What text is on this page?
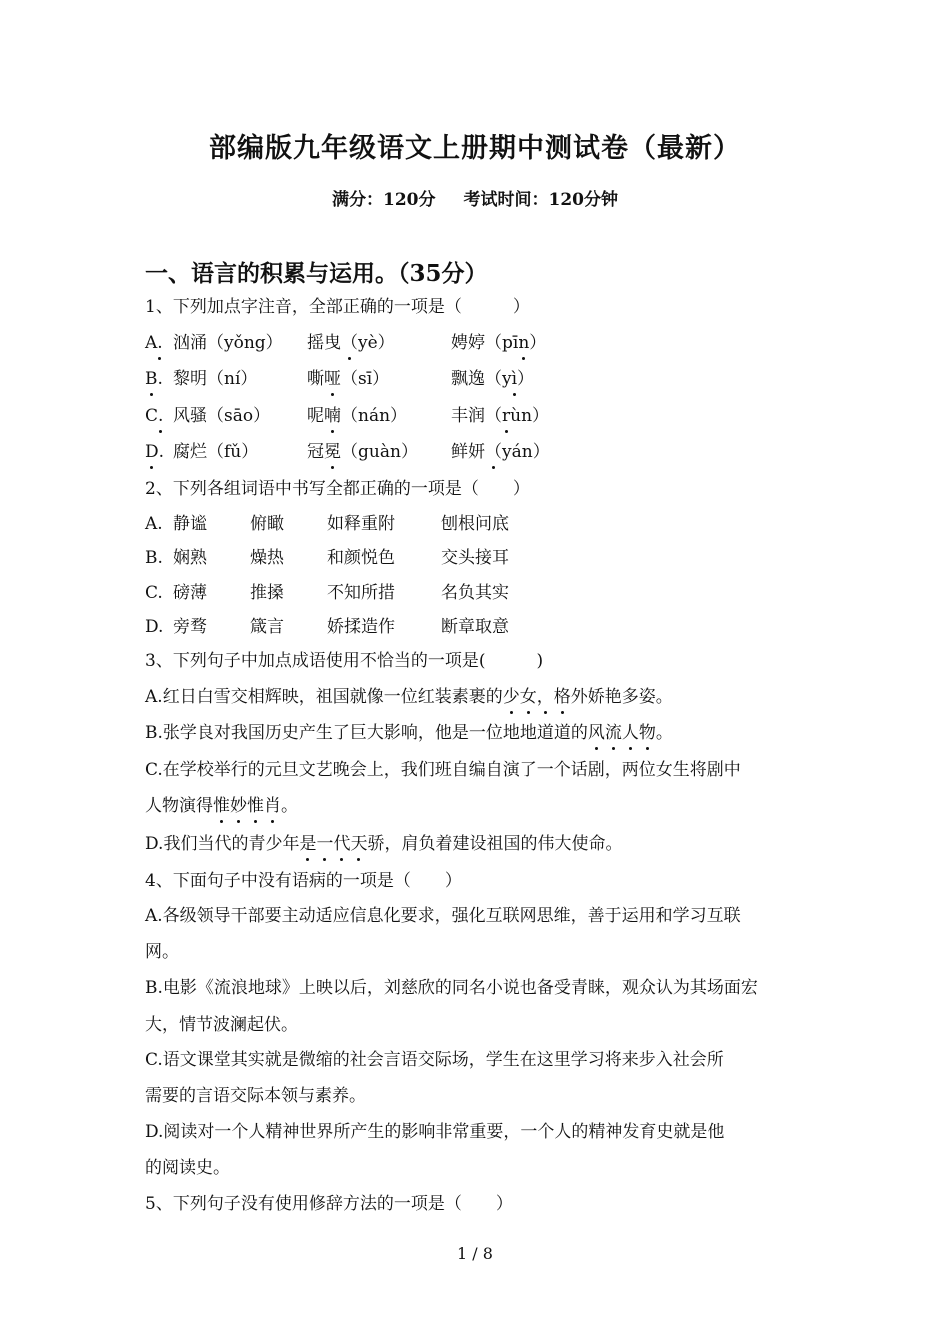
部编版九年级语文上册期中测试卷（最新）
满分：120分 考试时间：120分钟
一、语言的积累与运用。（35分）
1、下列加点字注音，全部正确的一项是（　　　）
A. 汹涌（yǒng） 摇曳（yè）	娉婷（pīn）
B. 黎明（ní）	嘶哑（sī）	飘逸（yì）
C. 风骚（sāo） 呢喃（nán）	丰润（rùn）
D. 腐烂（fǔ）	冠冕（guàn） 鲜妍（yán）
2、下列各组词语中书写全都正确的一项是（　　）
A. 静谧	俯瞰	如释重附	刨根问底
B. 娴熟	燥热	和颜悦色	交头接耳
C. 磅薄	推搡	不知所措	名负其实
D. 旁骛	箴言	娇揉造作	断章取意
3、下列句子中加点成语使用不恰当的一项是(　　　)
A.红日白雪交相辉映，祖国就像一位红装素裹的少女，格外娇艳多姿。
B.张学良对我国历史产生了巨大影响，他是一位地地道道的风流人物。
C.在学校举行的元旦文艺晚会上，我们班自编自演了一个话剧，两位女生将剧中
人物演得惟妙惟肖。
D.我们当代的青少年是一代天骄，肩负着建设祖国的伟大使命。
4、下面句子中没有语病的一项是（　　）
A.各级领导干部要主动适应信息化要求，强化互联网思维，善于运用和学习互联
网。
B.电影《流浪地球》上映以后，刘慈欣的同名小说也备受青睐，观众认为其场面宏
大，情节波澜起伏。
C.语文课堂其实就是微缩的社会言语交际场，学生在这里学习将来步入社会所
需要的言语交际本领与素养。
D.阅读对一个人精神世界所产生的影响非常重要，一个人的精神发育史就是他
的阅读史。
5、下列句子没有使用修辞方法的一项是（　　）
1 / 8
